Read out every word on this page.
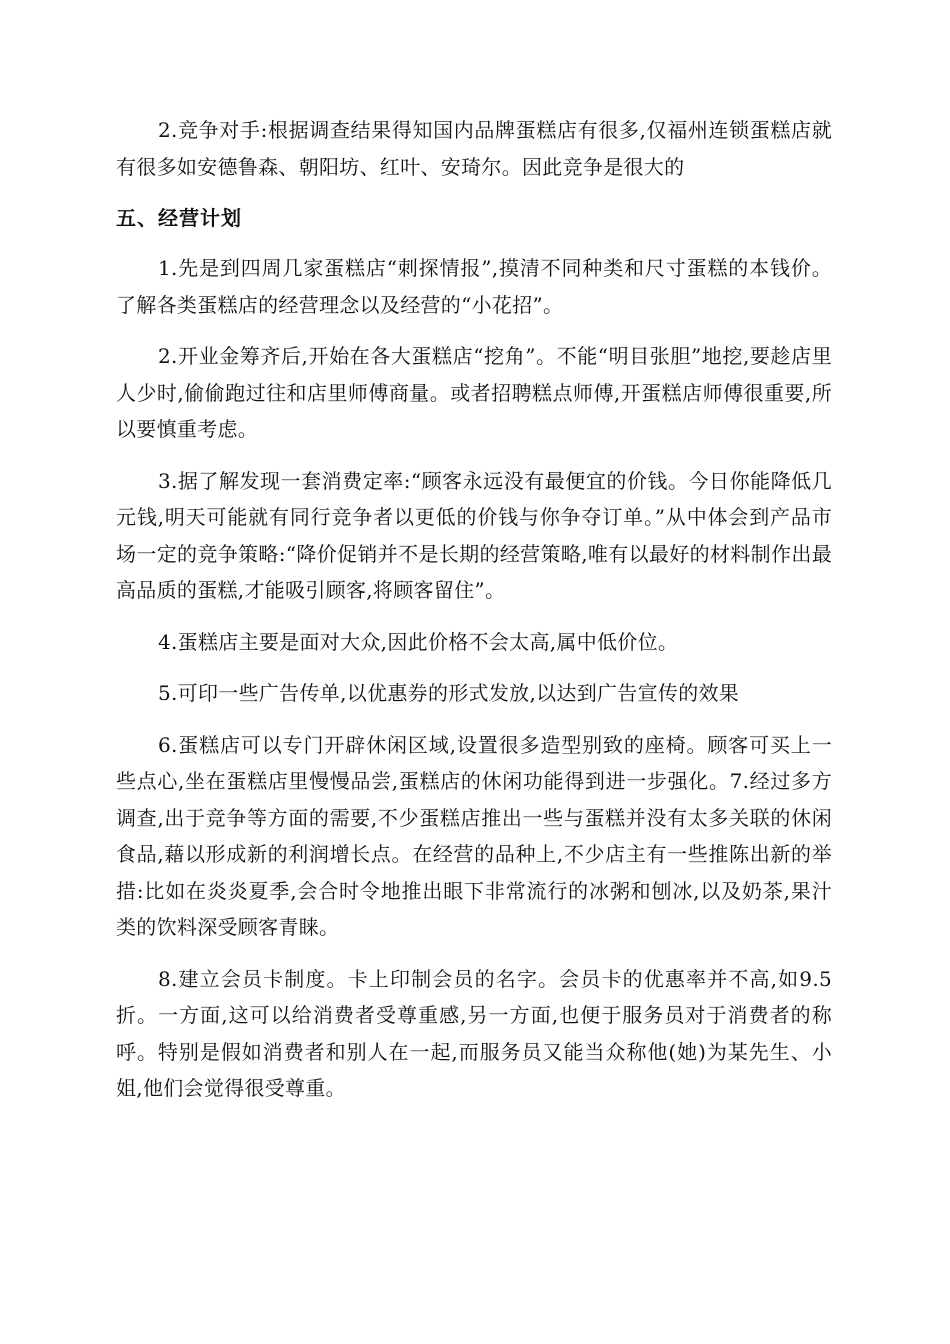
2.竞争对手:根据调查结果得知国内品牌蛋糕店有很多,仅福州连锁蛋糕店就有很多如安德鲁森、朝阳坊、红叶、安琦尔。因此竞争是很大的

五、经营计划

1.先是到四周几家蛋糕店“刺探情报”,摸清不同种类和尺寸蛋糕的本钱价。了解各类蛋糕店的经营理念以及经营的“小花招”。

2.开业金筹齐后,开始在各大蛋糕店“挖角”。不能“明目张胆”地挖,要趁店里人少时,偷偷跑过往和店里师傅商量。或者招聘糕点师傅,开蛋糕店师傅很重要,所以要慎重考虑。

3.据了解发现一套消费定率:“顾客永远没有最便宜的价钱。今日你能降低几元钱,明天可能就有同行竞争者以更低的价钱与你争夺订单。”从中体会到产品市场一定的竞争策略:“降价促销并不是长期的经营策略,唯有以最好的材料制作出最高品质的蛋糕,才能吸引顾客,将顾客留住”。

4.蛋糕店主要是面对大众,因此价格不会太高,属中低价位。

5.可印一些广告传单,以优惠券的形式发放,以达到广告宣传的效果

6.蛋糕店可以专门开辟休闲区域,设置很多造型别致的座椅。顾客可买上一些点心,坐在蛋糕店里慢慢品尝,蛋糕店的休闲功能得到进一步强化。7.经过多方调查,出于竞争等方面的需要,不少蛋糕店推出一些与蛋糕并没有太多关联的休闲食品,藉以形成新的利润增长点。在经营的品种上,不少店主有一些推陈出新的举措:比如在炎炎夏季,会合时令地推出眼下非常流行的冰粥和刨冰,以及奶茶,果汁类的饮料深受顾客青睐。

8.建立会员卡制度。卡上印制会员的名字。会员卡的优惠率并不高,如9.5折。一方面,这可以给消费者受尊重感,另一方面,也便于服务员对于消费者的称呼。特别是假如消费者和别人在一起,而服务员又能当众称他(她)为某先生、小姐,他们会觉得很受尊重。
